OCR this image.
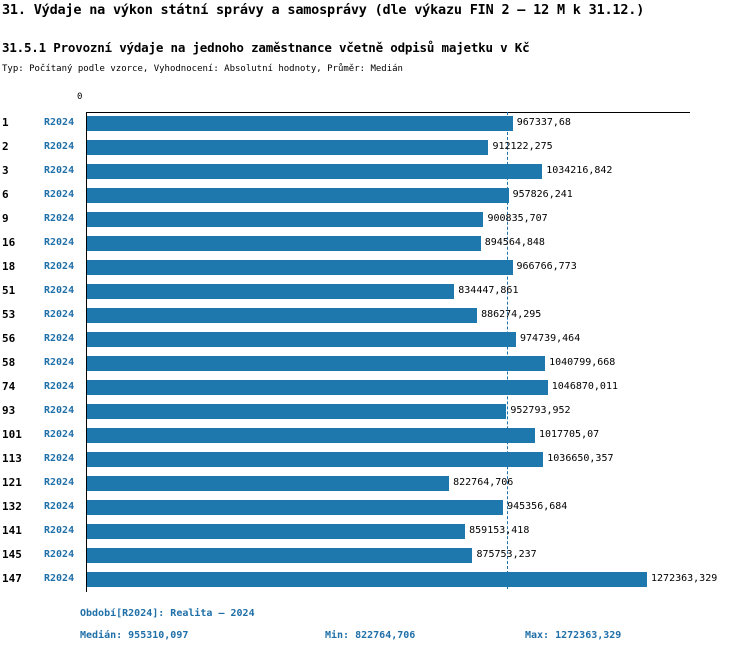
31. Výdaje na výkon státní správy a samosprávy (dle výkazu FIN 2 – 12 M k 31.12.)
31.5.1 Provozní výdaje na jednoho zaměstnance včetně odpisů majetku v Kč
Typ: Počítaný podle vzorce, Vyhodnocení: Absolutní hodnoty, Průměr: Medián
0
1	R2024	967337,68
2	R2024	912122,275
3	R2024	1034216,842
6	R2024	957826,241
9	R2024	900835,707
16	R2024	894564,848
18	R2024	966766,773
51	R2024	834447,861
53	R2024	886274,295
56	R2024	974739,464
58	R2024	1040799,668
74	R2024	1046870,011
93	R2024	952793,952
101	R2024	1017705,07
113	R2024	1036650,357
121	R2024	822764,706
132	R2024	945356,684
141	R2024	859153,418
145	R2024	875753,237
147	R2024	1272363,329
Období[R2024]: Realita – 2024
Medián: 955310,097	Min: 822764,706	Max: 1272363,329
